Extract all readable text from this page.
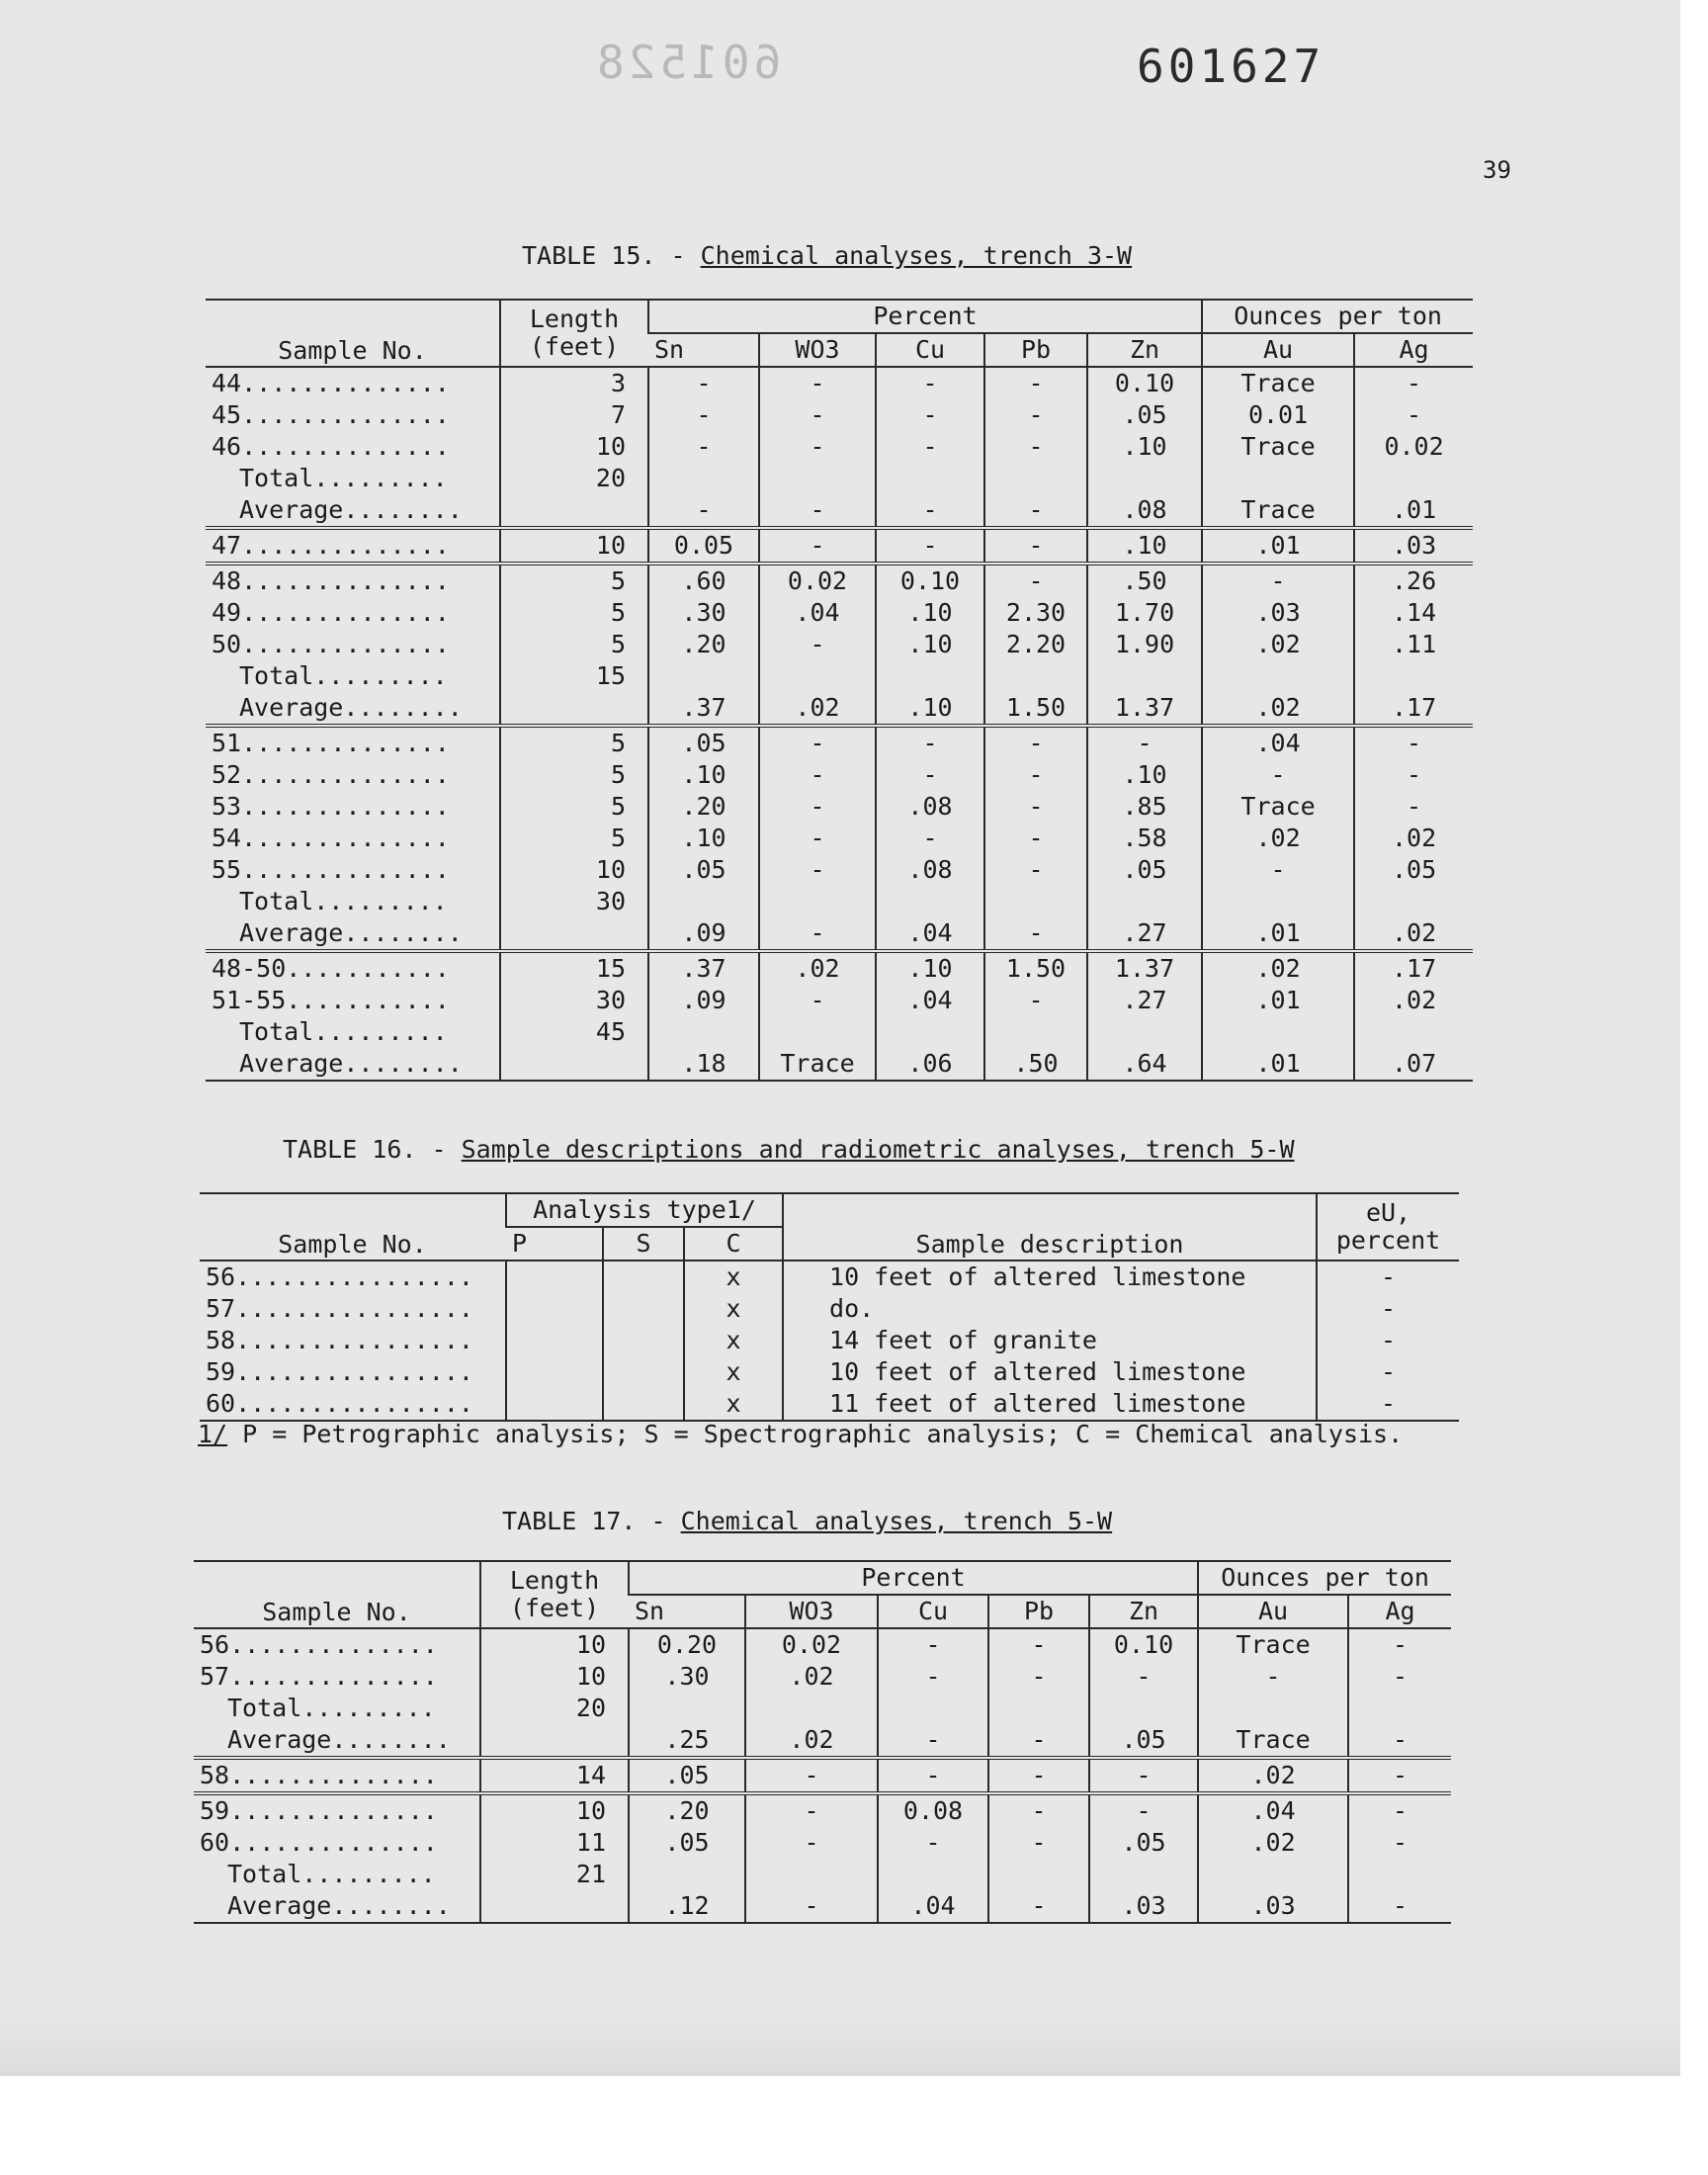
601528	601627
39
TABLE 15. - Chemical analyses, trench 3-W
Sample No.	Length (feet)	Percent					Ounces per ton	
		Sn	WO3	Cu	Pb	Zn	Au	Ag
44..............	3	-	-	-	-	0.10	Trace	-
45..............	7	-	-	-	-	.05	0.01	-
46..............	10	-	-	-	-	.10	Trace	0.02
Total.........	20							
Average........		-	-	-	-	.08	Trace	.01
47..............	10	0.05	-	-	-	.10	.01	.03
48..............	5	.60	0.02	0.10	-	.50	-	.26
49..............	5	.30	.04	.10	2.30	1.70	.03	.14
50..............	5	.20	-	.10	2.20	1.90	.02	.11
Total.........	15							
Average........		.37	.02	.10	1.50	1.37	.02	.17
51..............	5	.05	-	-	-	-	.04	-
52..............	5	.10	-	-	-	.10	-	-
53..............	5	.20	-	.08	-	.85	Trace	-
54..............	5	.10	-	-	-	.58	.02	.02
55..............	10	.05	-	.08	-	.05	-	.05
Total.........	30							
Average........		.09	-	.04	-	.27	.01	.02
48-50...........	15	.37	.02	.10	1.50	1.37	.02	.17
51-55...........	30	.09	-	.04	-	.27	.01	.02
Total.........	45							
Average........		.18	Trace	.06	.50	.64	.01	.07
TABLE 16. - Sample descriptions and radiometric analyses, trench 5-W
Sample No.	Analysis type1/			Sample description	eU, percent
	P	S	C		
56................			x	10 feet of altered limestone	-
57................			x	do.	-
58................			x	14 feet of granite	-
59................			x	10 feet of altered limestone	-
60................			x	11 feet of altered limestone	-
1/ P = Petrographic analysis; S = Spectrographic analysis; C = Chemical analysis.
TABLE 17. - Chemical analyses, trench 5-W
Sample No.	Length (feet)	Percent					Ounces per ton	
		Sn	WO3	Cu	Pb	Zn	Au	Ag
56..............	10	0.20	0.02	-	-	0.10	Trace	-
57..............	10	.30	.02	-	-	-	-	-
Total.........	20							
Average........		.25	.02	-	-	.05	Trace	-
58..............	14	.05	-	-	-	-	.02	-
59..............	10	.20	-	0.08	-	-	.04	-
60..............	11	.05	-	-	-	.05	.02	-
Total.........	21							
Average........		.12	-	.04	-	.03	.03	-
